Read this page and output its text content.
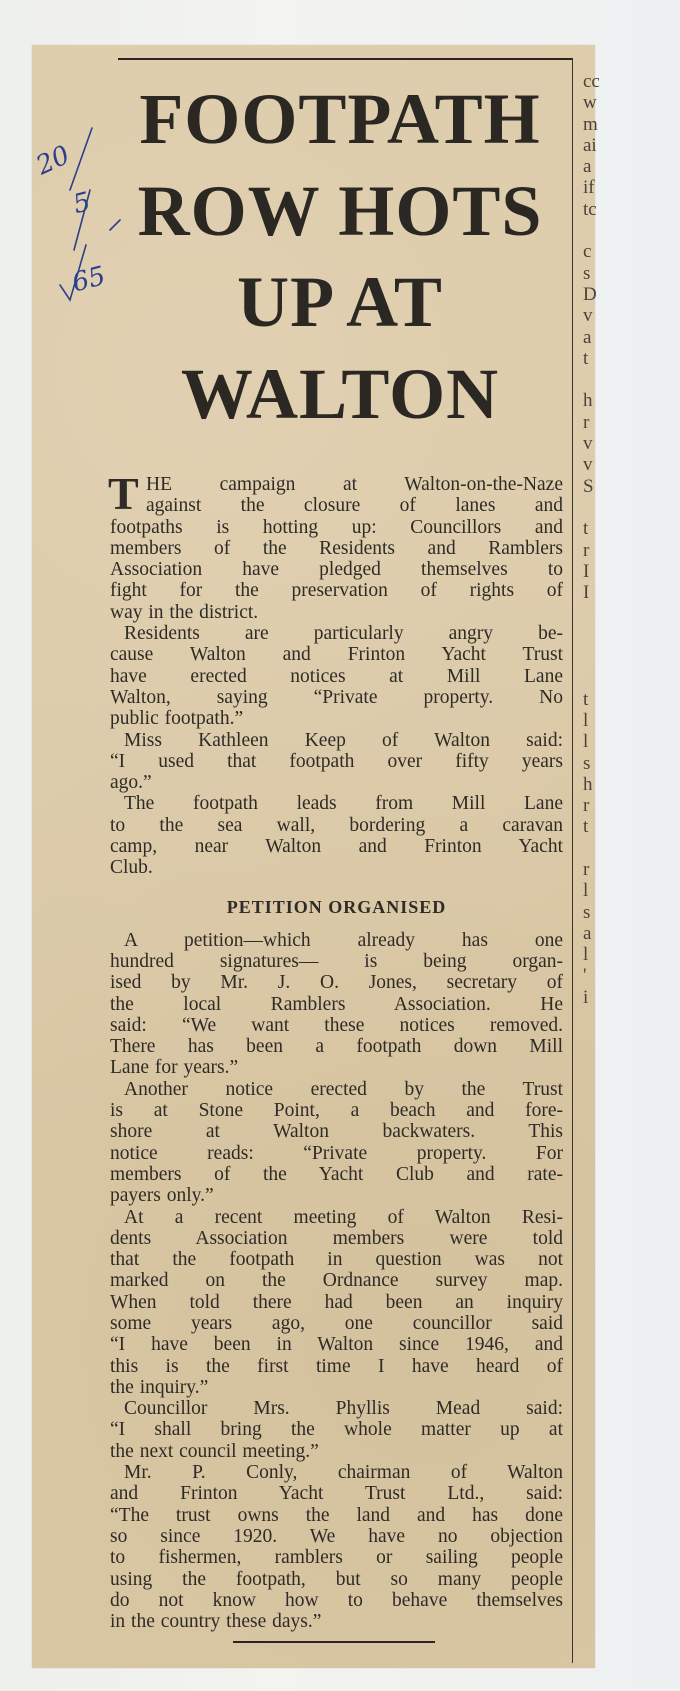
20
5
65
FOOTPATH
ROW HOTS
UP AT
WALTON
T HE campaign at Walton-on-the-Naze
against the closure of lanes and
footpaths is hotting up: Councillors and
members of the Residents and Ramblers
Association have pledged themselves to
fight for the preservation of rights of
way in the district.
Residents are particularly angry be-
cause Walton and Frinton Yacht Trust
have erected notices at Mill Lane
Walton, saying “Private property. No
public footpath.”
Miss Kathleen Keep of Walton said:
“I used that footpath over fifty years
ago.”
The footpath leads from Mill Lane
to the sea wall, bordering a caravan
camp, near Walton and Frinton Yacht
Club.
PETITION ORGANISED
A petition—which already has one
hundred signatures— is being organ-
ised by Mr. J. O. Jones, secretary of
the local Ramblers Association. He
said: “We want these notices removed.
There has been a footpath down Mill
Lane for years.”
Another notice erected by the Trust
is at Stone Point, a beach and fore-
shore at Walton backwaters. This
notice reads: “Private property. For
members of the Yacht Club and rate-
payers only.”
At a recent meeting of Walton Resi-
dents Association members were told
that the footpath in question was not
marked on the Ordnance survey map.
When told there had been an inquiry
some years ago, one councillor said
“I have been in Walton since 1946, and
this is the first time I have heard of
the inquiry.”
Councillor Mrs. Phyllis Mead said:
“I shall bring the whole matter up at
the next council meeting.”
Mr. P. Conly, chairman of Walton
and Frinton Yacht Trust Ltd., said:
“The trust owns the land and has done
so since 1920. We have no objection
to fishermen, ramblers or sailing people
using the footpath, but so many people
do not know how to behave themselves
in the country these days.”
cc
w
m
ai
a
if
tc
c
s
D
v
a
t
h
r
v
v
S
t
r
I
I
t
l
l
s
h
r
t
r
l
s
a
l
'
i
